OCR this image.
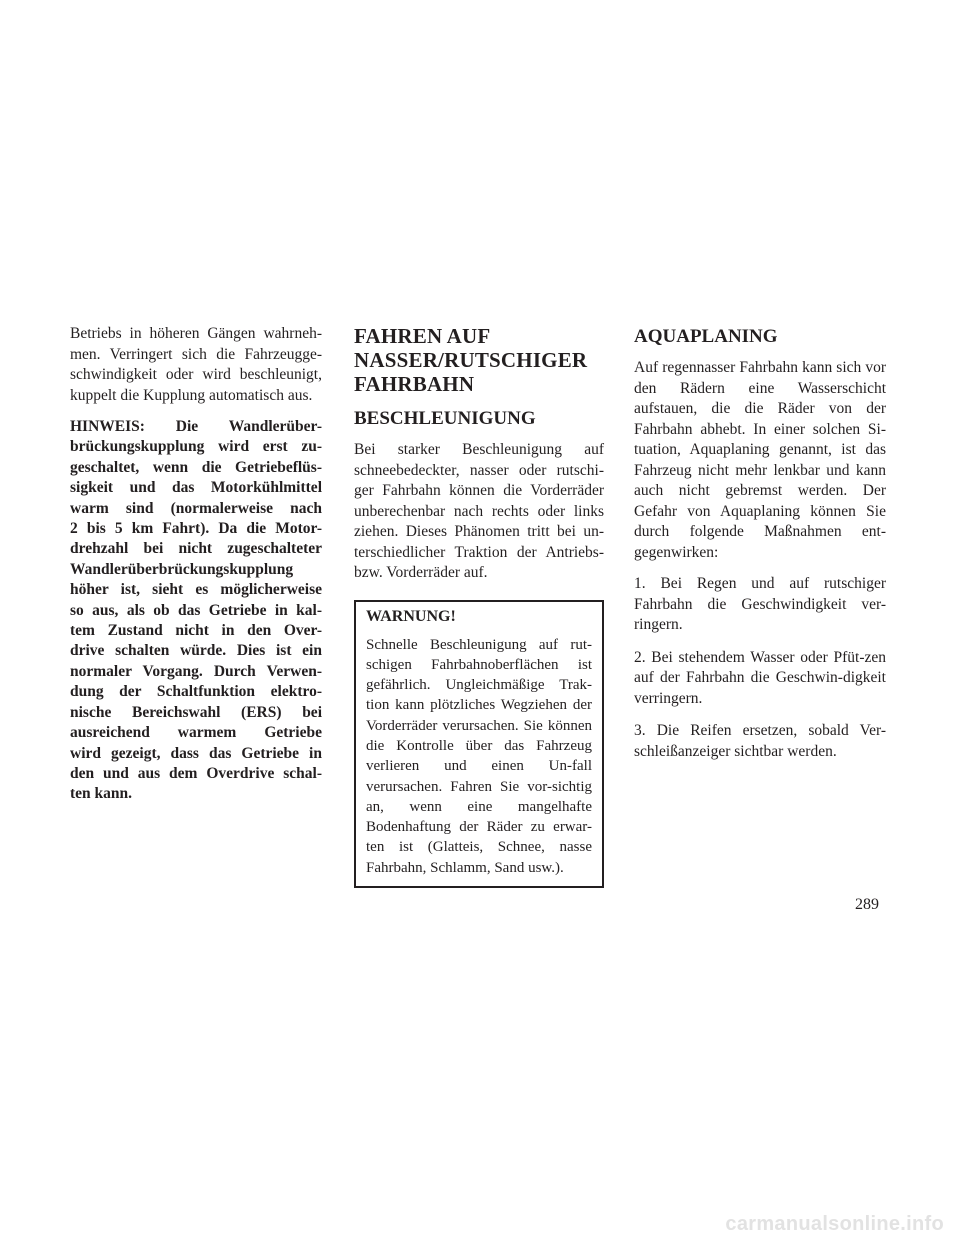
Betriebs in höheren Gängen wahrneh-men. Verringert sich die Fahrzeugge-schwindigkeit oder wird beschleunigt, kuppelt die Kupplung automatisch aus.

HINWEIS: Die Wandlerüber-
brückungskupplung wird erst zu-
geschaltet, wenn die Getriebeflüs-
sigkeit und das Motorkühlmittel
warm sind (normalerweise nach
2 bis 5 km Fahrt). Da die Motor-
drehzahl bei nicht zugeschalteter
Wandlerüberbrückungskupplung
höher ist, sieht es möglicherweise
so aus, als ob das Getriebe in kal-
tem Zustand nicht in den Over-
drive schalten würde. Dies ist ein
normaler Vorgang. Durch Verwen-
dung der Schaltfunktion elektro-
nische Bereichswahl (ERS) bei
ausreichend warmem Getriebe
wird gezeigt, dass das Getriebe in
den und aus dem Overdrive schal-
ten kann.
FAHREN AUF
NASSER/RUTSCHIGER
FAHRBAHN
BESCHLEUNIGUNG

Bei starker Beschleunigung auf schneebedeckter, nasser oder rutschi-ger Fahrbahn können die Vorderräder unberechenbar nach rechts oder links ziehen. Dieses Phänomen tritt bei un-terschiedlicher Traktion der Antriebs-bzw. Vorderräder auf.

WARNUNG!

Schnelle Beschleunigung auf rut-schigen Fahrbahnoberflächen ist gefährlich. Ungleichmäßige Trak-tion kann plötzliches Wegziehen der Vorderräder verursachen. Sie können die Kontrolle über das Fahrzeug verlieren und einen Un-fall verursachen. Fahren Sie vor-sichtig an, wenn eine mangelhafte Bodenhaftung der Räder zu erwar-ten ist (Glatteis, Schnee, nasse Fahrbahn, Schlamm, Sand usw.).

AQUAPLANING

Auf regennasser Fahrbahn kann sich vor den Rädern eine Wasserschicht aufstauen, die die Räder von der Fahrbahn abhebt. In einer solchen Si-tuation, Aquaplaning genannt, ist das Fahrzeug nicht mehr lenkbar und kann auch nicht gebremst werden. Der Gefahr von Aquaplaning können Sie durch folgende Maßnahmen ent-gegenwirken:

1. Bei Regen und auf rutschiger Fahrbahn die Geschwindigkeit ver-ringern.
2. Bei stehendem Wasser oder Pfüt-zen auf der Fahrbahn die Geschwin-digkeit verringern.
3. Die Reifen ersetzen, sobald Ver-schleißanzeiger sichtbar werden.
289
carmanualsonline.info
